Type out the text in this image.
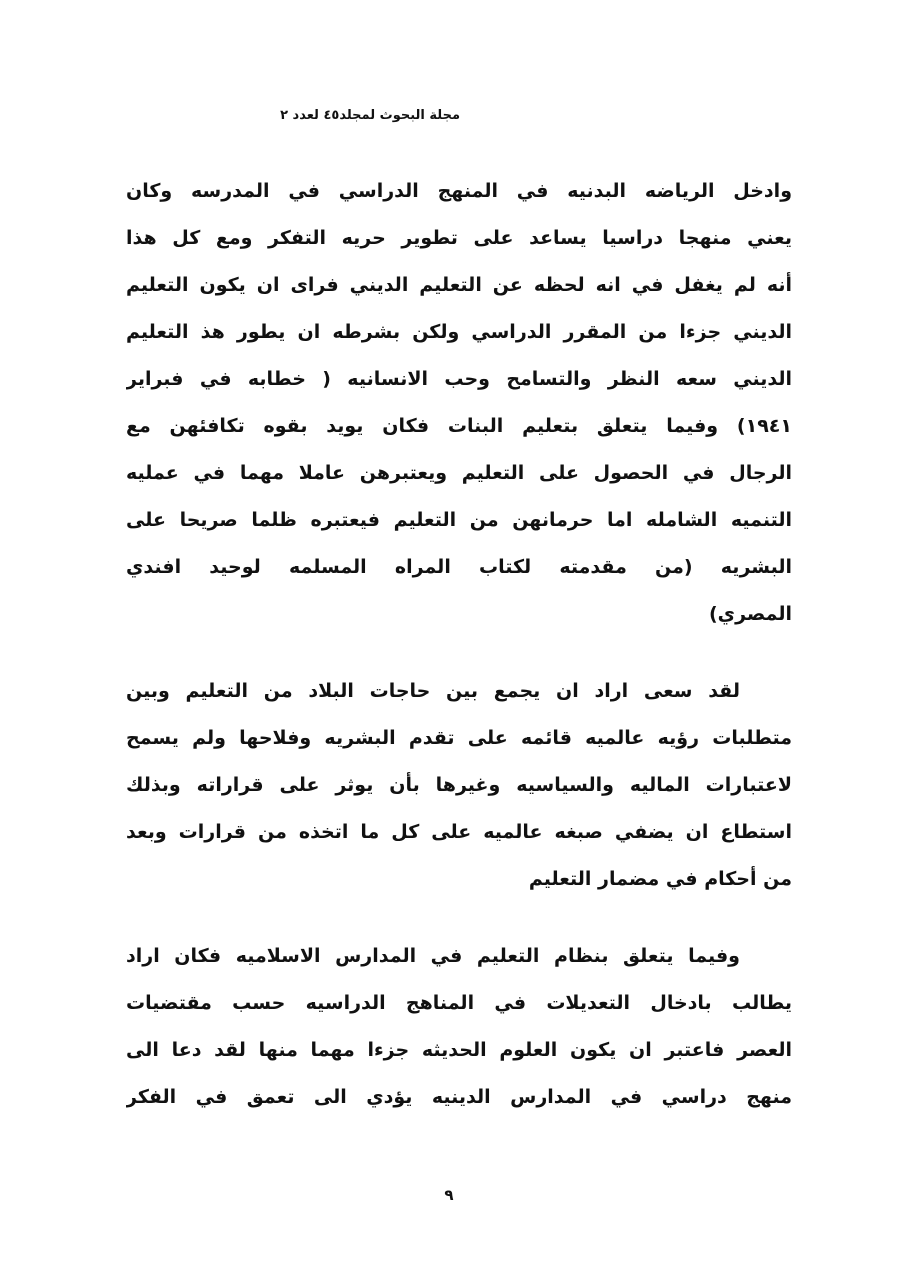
مجلة البحوث لمجلد٤٥ لعدد ٢
وادخل الرياضه البدنيه في المنهج الدراسي في المدرسه وكان
يعني منهجا دراسيا يساعد على تطوير حريه التفكر ومع كل هذا
أنه لم يغفل في انه لحظه عن التعليم الديني فراى ان يكون التعليم
الديني جزءا من المقرر الدراسي ولكن بشرطه ان يطور هذ التعليم
الديني سعه النظر والتسامح وحب الانسانيه ( خطابه في فبراير
١٩٤١) وفيما يتعلق بتعليم البنات فكان يويد بقوه تكافئهن مع
الرجال في الحصول على التعليم ويعتبرهن عاملا مهما في عمليه
التنميه الشامله اما حرمانهن من التعليم فيعتبره ظلما صريحا على
البشريه (من مقدمته لكتاب المراه المسلمه لوحيد افندي
المصري)
لقد سعى اراد ان يجمع بين حاجات البلاد من التعليم وبين
متطلبات رؤيه عالميه قائمه على تقدم البشريه وفلاحها ولم يسمح
لاعتبارات الماليه والسياسيه وغيرها بأن يوثر على قراراته وبذلك
استطاع ان يضفي صبغه عالميه على كل ما اتخذه من قرارات وبعد
من أحكام في مضمار التعليم
وفيما يتعلق بنظام التعليم في المدارس الاسلاميه فكان اراد
يطالب بادخال التعديلات في المناهج الدراسيه حسب مقتضيات
العصر فاعتبر ان يكون العلوم الحديثه جزءا مهما منها لقد دعا الى
منهج دراسي في المدارس الدينيه يؤدي الى تعمق في الفكر
٩
